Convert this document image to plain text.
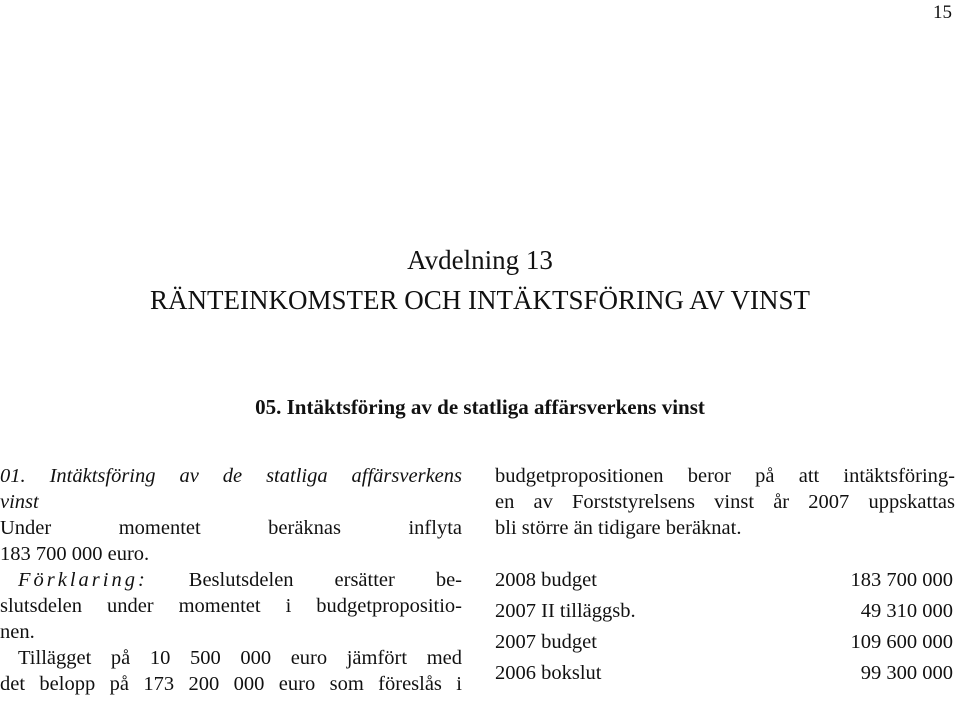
15
Avdelning 13
RÄNTEINKOMSTER OCH INTÄKTSFÖRING AV VINST
05. Intäktsföring av de statliga affärsverkens vinst
01. Intäktsföring av de statliga affärsverkens
vinst
Under momentet beräknas inflyta
183 700 000 euro.
Förklaring: Beslutsdelen ersätter be-
slutsdelen under momentet i budgetpropositio-
nen.
Tillägget på 10 500 000 euro jämfört med
det belopp på 173 200 000 euro som föreslås i
budgetpropositionen beror på att intäktsföring-
en av Forststyrelsens vinst år 2007 uppskattas
bli större än tidigare beräknat.
2008 budget	183 700 000
2007 II tilläggsb.	49 310 000
2007 budget	109 600 000
2006 bokslut	99 300 000
